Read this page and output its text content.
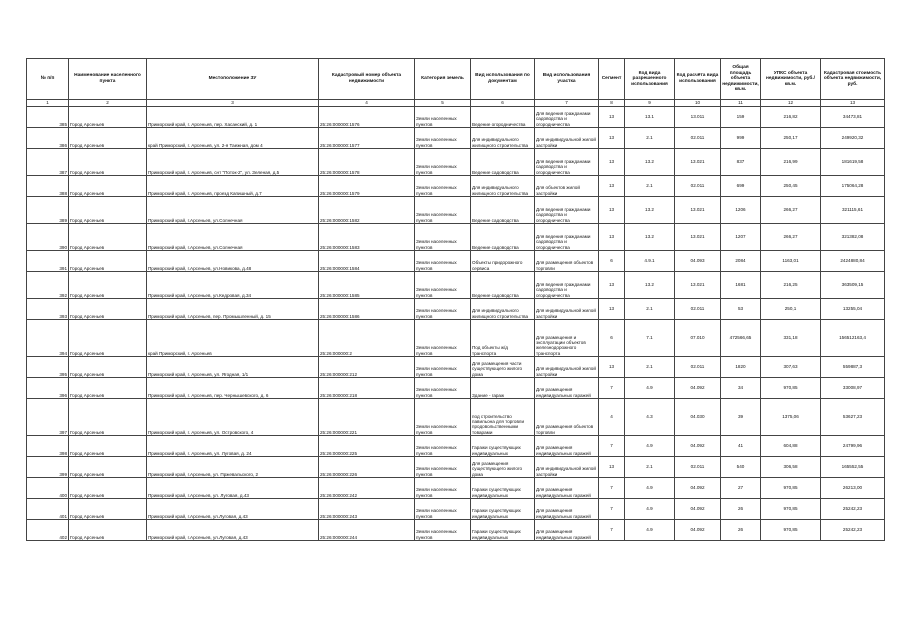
№ п/п	Наименование населенного пункта	Местоположение ЗУ	Кадастровый номер объекта недвижимости	Категория земель	Вид использования по документам	Вид использования участка	Сегмент	Код вида разрешенного использования	Код расчёта вида использования	Общая площадь объекта недвижимости, кв.м.	УПКС объекта недвижимости, руб./кв.м.	Кадастровая стоимость объекта недвижимости, руб.
1	2	3	4	5	6	7	8	9	10	11	12	13
385	Город Арсеньев	Приморский край, г. Арсеньев, пер. Хасанский, д. 1	25:26:000000:1576	Земли населенных пунктов	Ведение огородничества	Для ведения гражданами садоводства и огородничества	13	13.1	13.011	159	216,82	34473,81
386	Город Арсеньев	край Приморский, г. Арсеньев, ул. 2-я Таежная, дом 4	25:26:000000:1577	Земли населенных пунктов	Для индивидуального жилищного строительства	Для индивидуальной жилой застройки	13	2.1	02.011	999	250,17	249920,32
387	Город Арсеньев	Приморский край, г. Арсеньев, снт "Поток-2", ул. Зеленая, д.5	25:26:000000:1578	Земли населенных пунктов	Ведение садоводства	Для ведения гражданами садоводства и огородничества	13	13.2	13.021	837	216,99	181619,58
388	Город Арсеньев	Приморский край, г. Арсеньев, проезд Капишный, д.7	25:26:000000:1579	Земли населенных пунктов	Для индивидуального жилищного строительства	Для объектов жилой застройки	13	2.1	02.011	699	250,45	175064,28
389	Город Арсеньев	Приморский край, г.Арсеньев, ул.Солнечная	25:26:000000:1582	Земли населенных пунктов	Ведение садоводства	Для ведения гражданами садоводства и огородничества	13	13.2	13.021	1206	266,27	321115,61
390	Город Арсеньев	Приморский край, г.Арсеньев, ул.Солнечная	25:26:000000:1583	Земли населенных пунктов	Ведение садоводства	Для ведения гражданами садоводства и огородничества	13	13.2	13.021	1207	266,27	321382,08
391	Город Арсеньев	Приморский край, г.Арсеньев, ул.Новикова, д.48	25:26:000000:1584	Земли населенных пунктов	Объекты придорожного сервиса	Для размещения объектов торговли	6	4.9.1	04.093	2084	1163,01	2424880,84
392	Город Арсеньев	Приморский край, г.Арсеньев, ул.Кедровая, д.34	25:26:000000:1585	Земли населенных пунктов	Ведение садоводства	Для ведения гражданами садоводства и огородничества	13	13.2	13.021	1681	216,25	363509,15
393	Город Арсеньев	Приморский край, г.Арсеньев, пер. Промышленный, д. 15	25:26:000000:1586	Земли населенных пунктов	Для индивидуального жилищного строительства	Для индивидуальной жилой застройки	13	2.1	02.011	53	250,1	13255,04
394	Город Арсеньев	край Приморский, г. Арсеньев	25:26:000000:2	Земли населенных пунктов	Под объекты ж/д транспорта	Для размещения и эксплуатации объектов железнодорожного транспорта	6	7.1	07.010	472566,65	331,18	156512163,4
395	Город Арсеньев	Приморский край, г. Арсеньев, ул. Ягодная, 1/1	25:26:000000:212	Земли населенных пунктов	Для размещения части существующего жилого дома	Для индивидуальной жилой застройки	13	2.1	02.011	1820	307,63	559887,3
396	Город Арсеньев	Приморский край, г. Арсеньев, пер. Чернышевского, д. 6	25:26:000000:218	Земли населенных пунктов	Здание - гараж	Для размещения индивидуальных гаражей	7	4.9	04.092	34	970,85	33008,97
397	Город Арсеньев	Приморский край, г. Арсеньев, ул. Островского, 4	25:26:000000:221	Земли населенных пунктов	под строительство павильона для торговли продовольственными товарами	Для размещения объектов торговли	4	4.3	04.030	39	1375,06	53627,23
398	Город Арсеньев	Приморский край, г. Арсеньев, ул. Луговая, д. 24	25:26:000000:225	Земли населенных пунктов	Гаражи существующих индивидуальных	Для размещения индивидуальных гаражей	7	4.9	04.092	41	604,88	24799,96
399	Город Арсеньев	Приморский край, г.Арсеньев, ул. Пржевальского, 2	25:26:000000:226	Земли населенных пунктов	Для размещения существующего жилого дома	Для индивидуальной жилой застройки	13	2.1	02.011	540	306,58	165552,55
400	Город Арсеньев	Приморский край, г.Арсеньев, ул. Луговая, д.43	25:26:000000:242	Земли населенных пунктов	Гаражи существующих индивидуальных	Для размещения индивидуальных гаражей	7	4.9	04.092	27	970,85	26213,00
401	Город Арсеньев	Приморский край, г.Арсеньев, ул.Луговая, д.43	25:26:000000:243	Земли населенных пунктов	Гаражи существующих индивидуальных	Для размещения индивидуальных гаражей	7	4.9	04.092	26	970,85	25242,23
402	Город Арсеньев	Приморский край, г.Арсеньев, ул.Луговая, д.43	25:26:000000:244	Земли населенных пунктов	Гаражи существующих индивидуальных	Для размещения индивидуальных гаражей	7	4.9	04.092	26	970,85	25242,23
